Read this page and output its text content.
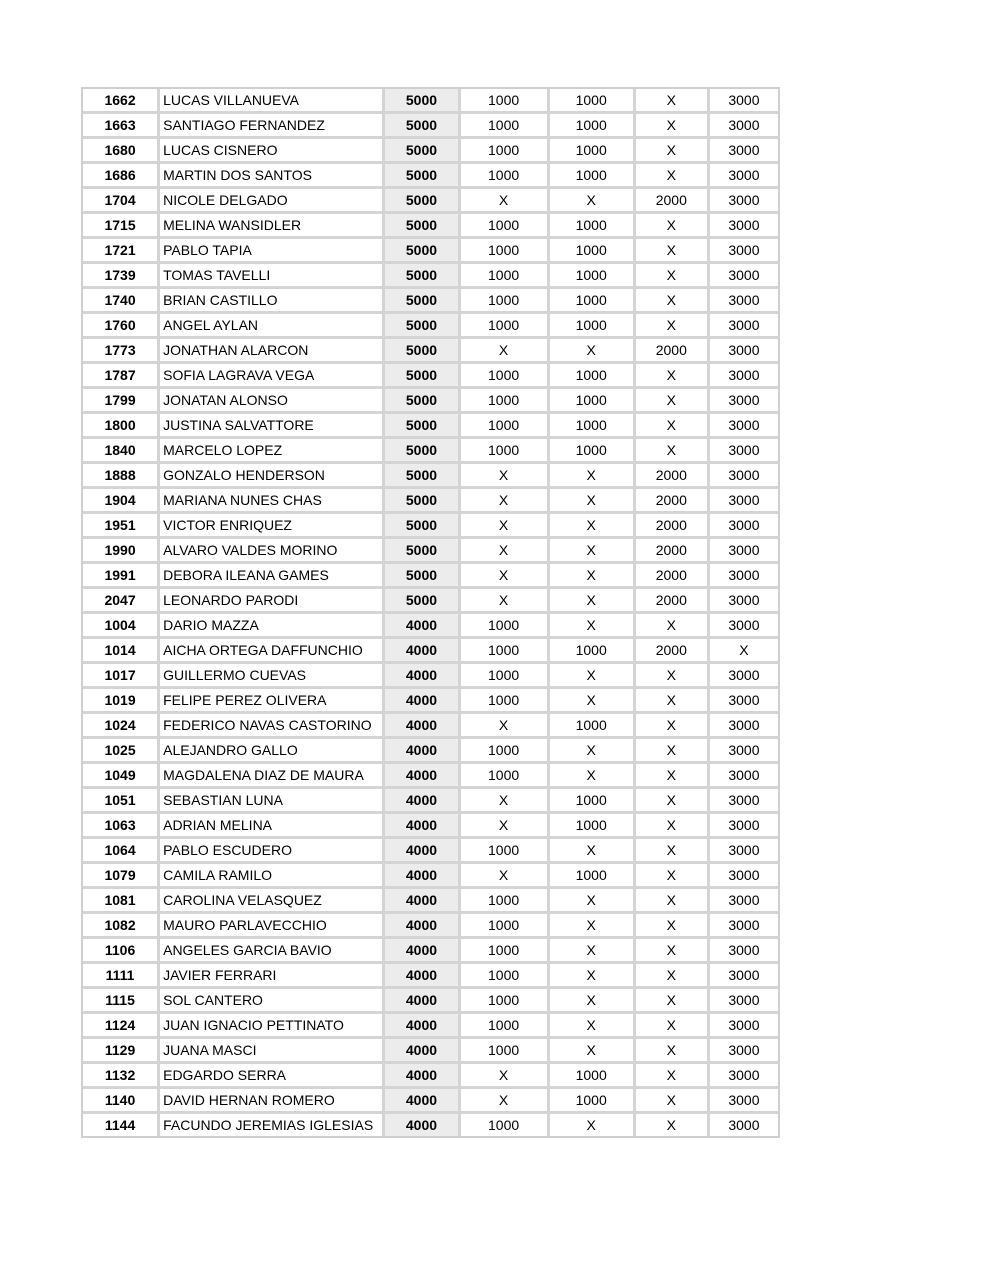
1662	LUCAS VILLANUEVA	5000	1000	1000	X	3000
1663	SANTIAGO FERNANDEZ	5000	1000	1000	X	3000
1680	LUCAS CISNERO	5000	1000	1000	X	3000
1686	MARTIN DOS SANTOS	5000	1000	1000	X	3000
1704	NICOLE DELGADO	5000	X	X	2000	3000
1715	MELINA WANSIDLER	5000	1000	1000	X	3000
1721	PABLO TAPIA	5000	1000	1000	X	3000
1739	TOMAS TAVELLI	5000	1000	1000	X	3000
1740	BRIAN CASTILLO	5000	1000	1000	X	3000
1760	ANGEL AYLAN	5000	1000	1000	X	3000
1773	JONATHAN ALARCON	5000	X	X	2000	3000
1787	SOFIA LAGRAVA VEGA	5000	1000	1000	X	3000
1799	JONATAN ALONSO	5000	1000	1000	X	3000
1800	JUSTINA SALVATTORE	5000	1000	1000	X	3000
1840	MARCELO LOPEZ	5000	1000	1000	X	3000
1888	GONZALO HENDERSON	5000	X	X	2000	3000
1904	MARIANA NUNES CHAS	5000	X	X	2000	3000
1951	VICTOR ENRIQUEZ	5000	X	X	2000	3000
1990	ALVARO VALDES MORINO	5000	X	X	2000	3000
1991	DEBORA ILEANA GAMES	5000	X	X	2000	3000
2047	LEONARDO PARODI	5000	X	X	2000	3000
1004	DARIO MAZZA	4000	1000	X	X	3000
1014	AICHA ORTEGA DAFFUNCHIO	4000	1000	1000	2000	X
1017	GUILLERMO CUEVAS	4000	1000	X	X	3000
1019	FELIPE PEREZ OLIVERA	4000	1000	X	X	3000
1024	FEDERICO NAVAS CASTORINO	4000	X	1000	X	3000
1025	ALEJANDRO GALLO	4000	1000	X	X	3000
1049	MAGDALENA DIAZ DE MAURA	4000	1000	X	X	3000
1051	SEBASTIAN LUNA	4000	X	1000	X	3000
1063	ADRIAN MELINA	4000	X	1000	X	3000
1064	PABLO ESCUDERO	4000	1000	X	X	3000
1079	CAMILA RAMILO	4000	X	1000	X	3000
1081	CAROLINA VELASQUEZ	4000	1000	X	X	3000
1082	MAURO PARLAVECCHIO	4000	1000	X	X	3000
1106	ANGELES GARCIA BAVIO	4000	1000	X	X	3000
1111	JAVIER FERRARI	4000	1000	X	X	3000
1115	SOL CANTERO	4000	1000	X	X	3000
1124	JUAN IGNACIO PETTINATO	4000	1000	X	X	3000
1129	JUANA MASCI	4000	1000	X	X	3000
1132	EDGARDO SERRA	4000	X	1000	X	3000
1140	DAVID HERNAN ROMERO	4000	X	1000	X	3000
1144	FACUNDO JEREMIAS IGLESIAS	4000	1000	X	X	3000
